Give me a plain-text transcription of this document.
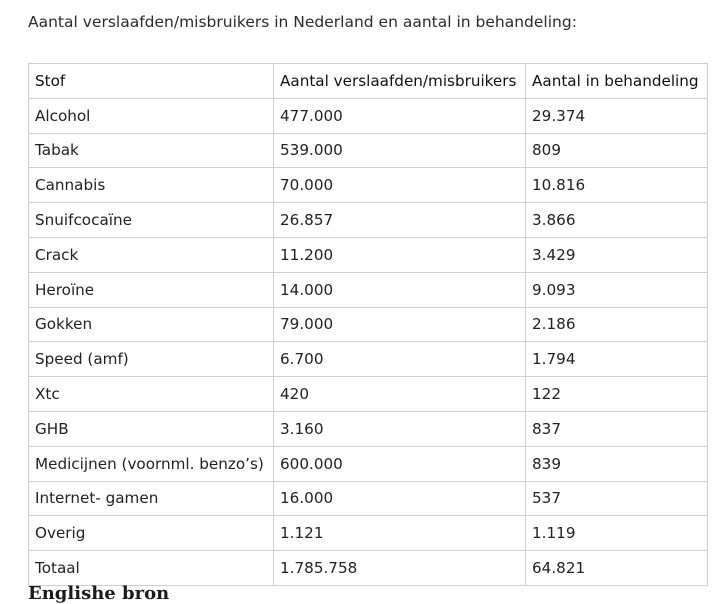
Aantal verslaafden/misbruikers in Nederland en aantal in behandeling:
Stof	Aantal verslaafden/misbruikers	Aantal in behandeling
Alcohol	477.000	29.374
Tabak	539.000	809
Cannabis	70.000	10.816
Snuifcocaïne	26.857	3.866
Crack	11.200	3.429
Heroïne	14.000	9.093
Gokken	79.000	2.186
Speed (amf)	6.700	1.794
Xtc	420	122
GHB	3.160	837
Medicijnen (voornml. benzo’s)	600.000	839
Internet- gamen	16.000	537
Overig	1.121	1.119
Totaal	1.785.758	64.821
Englishe bron
